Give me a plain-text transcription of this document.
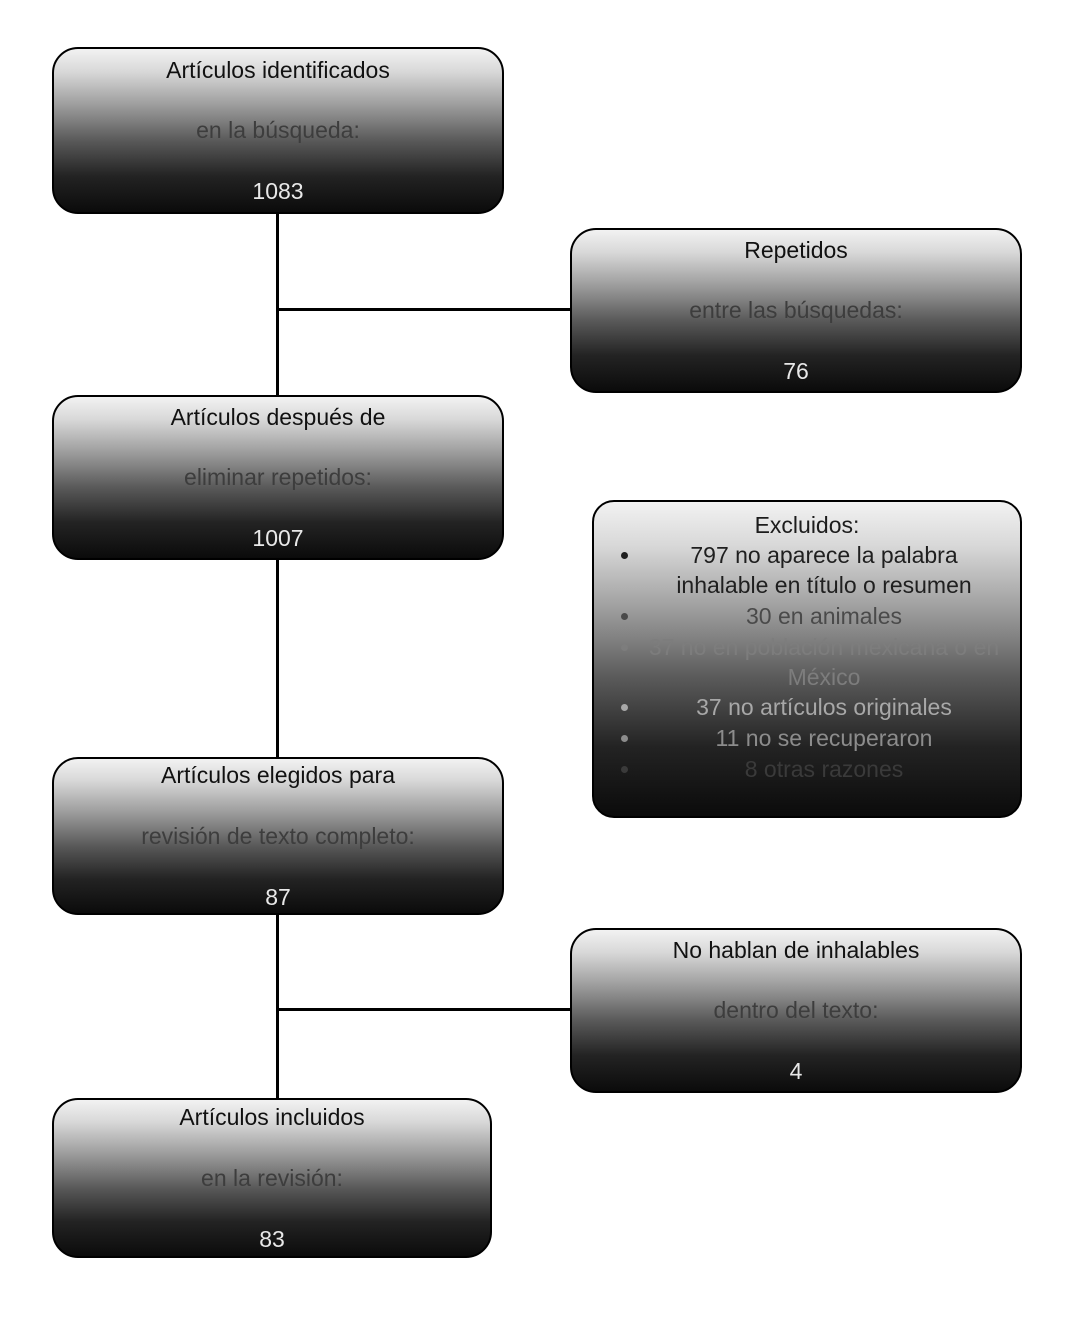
Artículos identificados

en la búsqueda:

1083

Repetidos

entre las búsquedas:

76

Artículos después de

eliminar repetidos:

1007

Excluidos:
• 797 no aparece la palabra inhalable en título o resumen
• 30 en animales
• 37 no en población mexicana o en México
• 37 no artículos originales
• 11 no se recuperaron
• 8 otras razones

Artículos elegidos para

revisión de texto completo:

87

No hablan de inhalables

dentro del texto:

4

Artículos incluidos

en la revisión:

83
